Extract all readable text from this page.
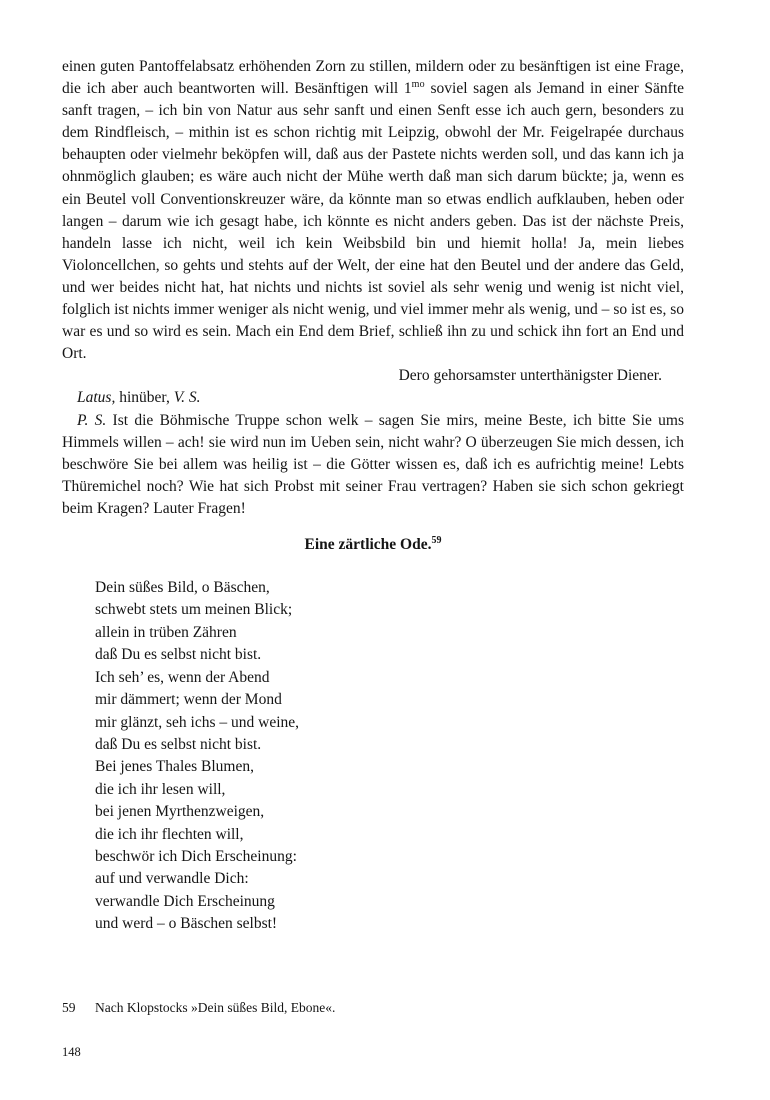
einen guten Pantoffelabsatz erhöhenden Zorn zu stillen, mildern oder zu besänftigen ist eine Frage, die ich aber auch beantworten will. Besänftigen will $1^{mo}$ soviel sagen als Jemand in einer Sänfte sanft tragen, – ich bin von Natur aus sehr sanft und einen Senft esse ich auch gern, besonders zu dem Rindfleisch, – mithin ist es schon richtig mit Leipzig, obwohl der Mr. Feigelrapée durchaus behaupten oder vielmehr beköpfen will, daß aus der Pastete nichts werden soll, und das kann ich ja ohnmöglich glauben; es wäre auch nicht der Mühe werth daß man sich darum bückte; ja, wenn es ein Beutel voll Conventionskreuzer wäre, da könnte man so etwas endlich aufklauben, heben oder langen – darum wie ich gesagt habe, ich könnte es nicht anders geben. Das ist der nächste Preis, handeln lasse ich nicht, weil ich kein Weibsbild bin und hiemit holla! Ja, mein liebes Violoncellchen, so gehts und stehts auf der Welt, der eine hat den Beutel und der andere das Geld, und wer beides nicht hat, hat nichts und nichts ist soviel als sehr wenig und wenig ist nicht viel, folglich ist nichts immer weniger als nicht wenig, und viel immer mehr als wenig, und – so ist es, so war es und so wird es sein. Mach ein End dem Brief, schließ ihn zu und schick ihn fort an End und Ort.

Dero gehorsamster unterthänigster Diener.

Latus, hinüber, V. S.

P. S. Ist die Böhmische Truppe schon welk – sagen Sie mirs, meine Beste, ich bitte Sie ums Himmels willen – ach! sie wird nun im Ueben sein, nicht wahr? O überzeugen Sie mich dessen, ich beschwöre Sie bei allem was heilig ist – die Götter wissen es, daß ich es aufrichtig meine! Lebts Thüremichel noch? Wie hat sich Probst mit seiner Frau vertragen? Haben sie sich schon gekriegt beim Kragen? Lauter Fragen!

Eine zärtliche Ode.$^{59}$
Dein süßes Bild, o Bäschen,
schwebt stets um meinen Blick;
allein in trüben Zähren
daß Du es selbst nicht bist.
Ich seh’ es, wenn der Abend
mir dämmert; wenn der Mond
mir glänzt, seh ichs – und weine,
daß Du es selbst nicht bist.
Bei jenes Thales Blumen,
die ich ihr lesen will,
bei jenen Myrthenzweigen,
die ich ihr flechten will,
beschwör ich Dich Erscheinung:
auf und verwandle Dich:
verwandle Dich Erscheinung
und werd – o Bäschen selbst!
59 Nach Klopstocks »Dein süßes Bild, Ebone«.
148
